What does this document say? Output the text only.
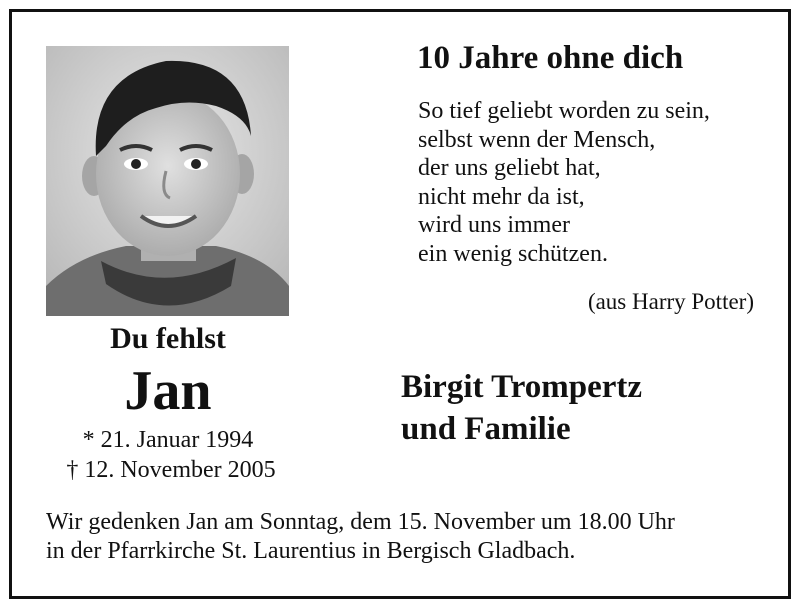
Du fehlst
Jan
* 21. Januar 1994
† 12. November 2005
10 Jahre ohne dich
So tief geliebt worden zu sein,
selbst wenn der Mensch,
der uns geliebt hat,
nicht mehr da ist,
wird uns immer
ein wenig schützen.
(aus Harry Potter)
Birgit Trompertz
und Familie
Wir gedenken Jan am Sonntag, dem 15. November um 18.00 Uhr
in der Pfarrkirche St. Laurentius in Bergisch Gladbach.
